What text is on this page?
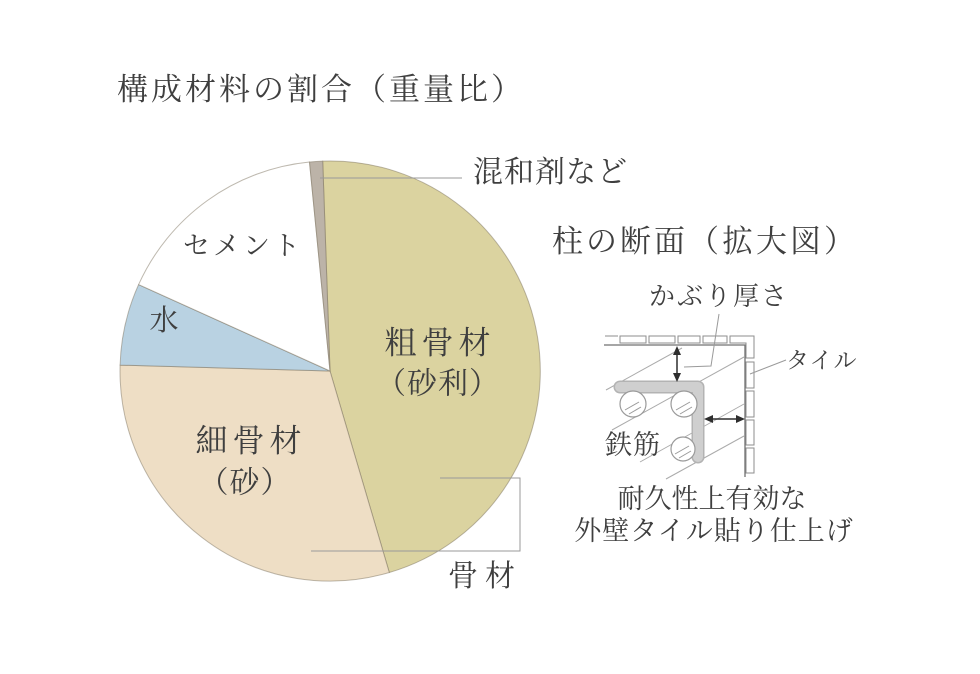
構成材料の割合（重量比）
混和剤など
セメント
水
粗骨材
（砂利）
細骨材
（砂）
骨材
柱の断面（拡大図）
かぶり厚さ
タイル
鉄筋
耐久性上有効な
外壁タイル貼り仕上げ
